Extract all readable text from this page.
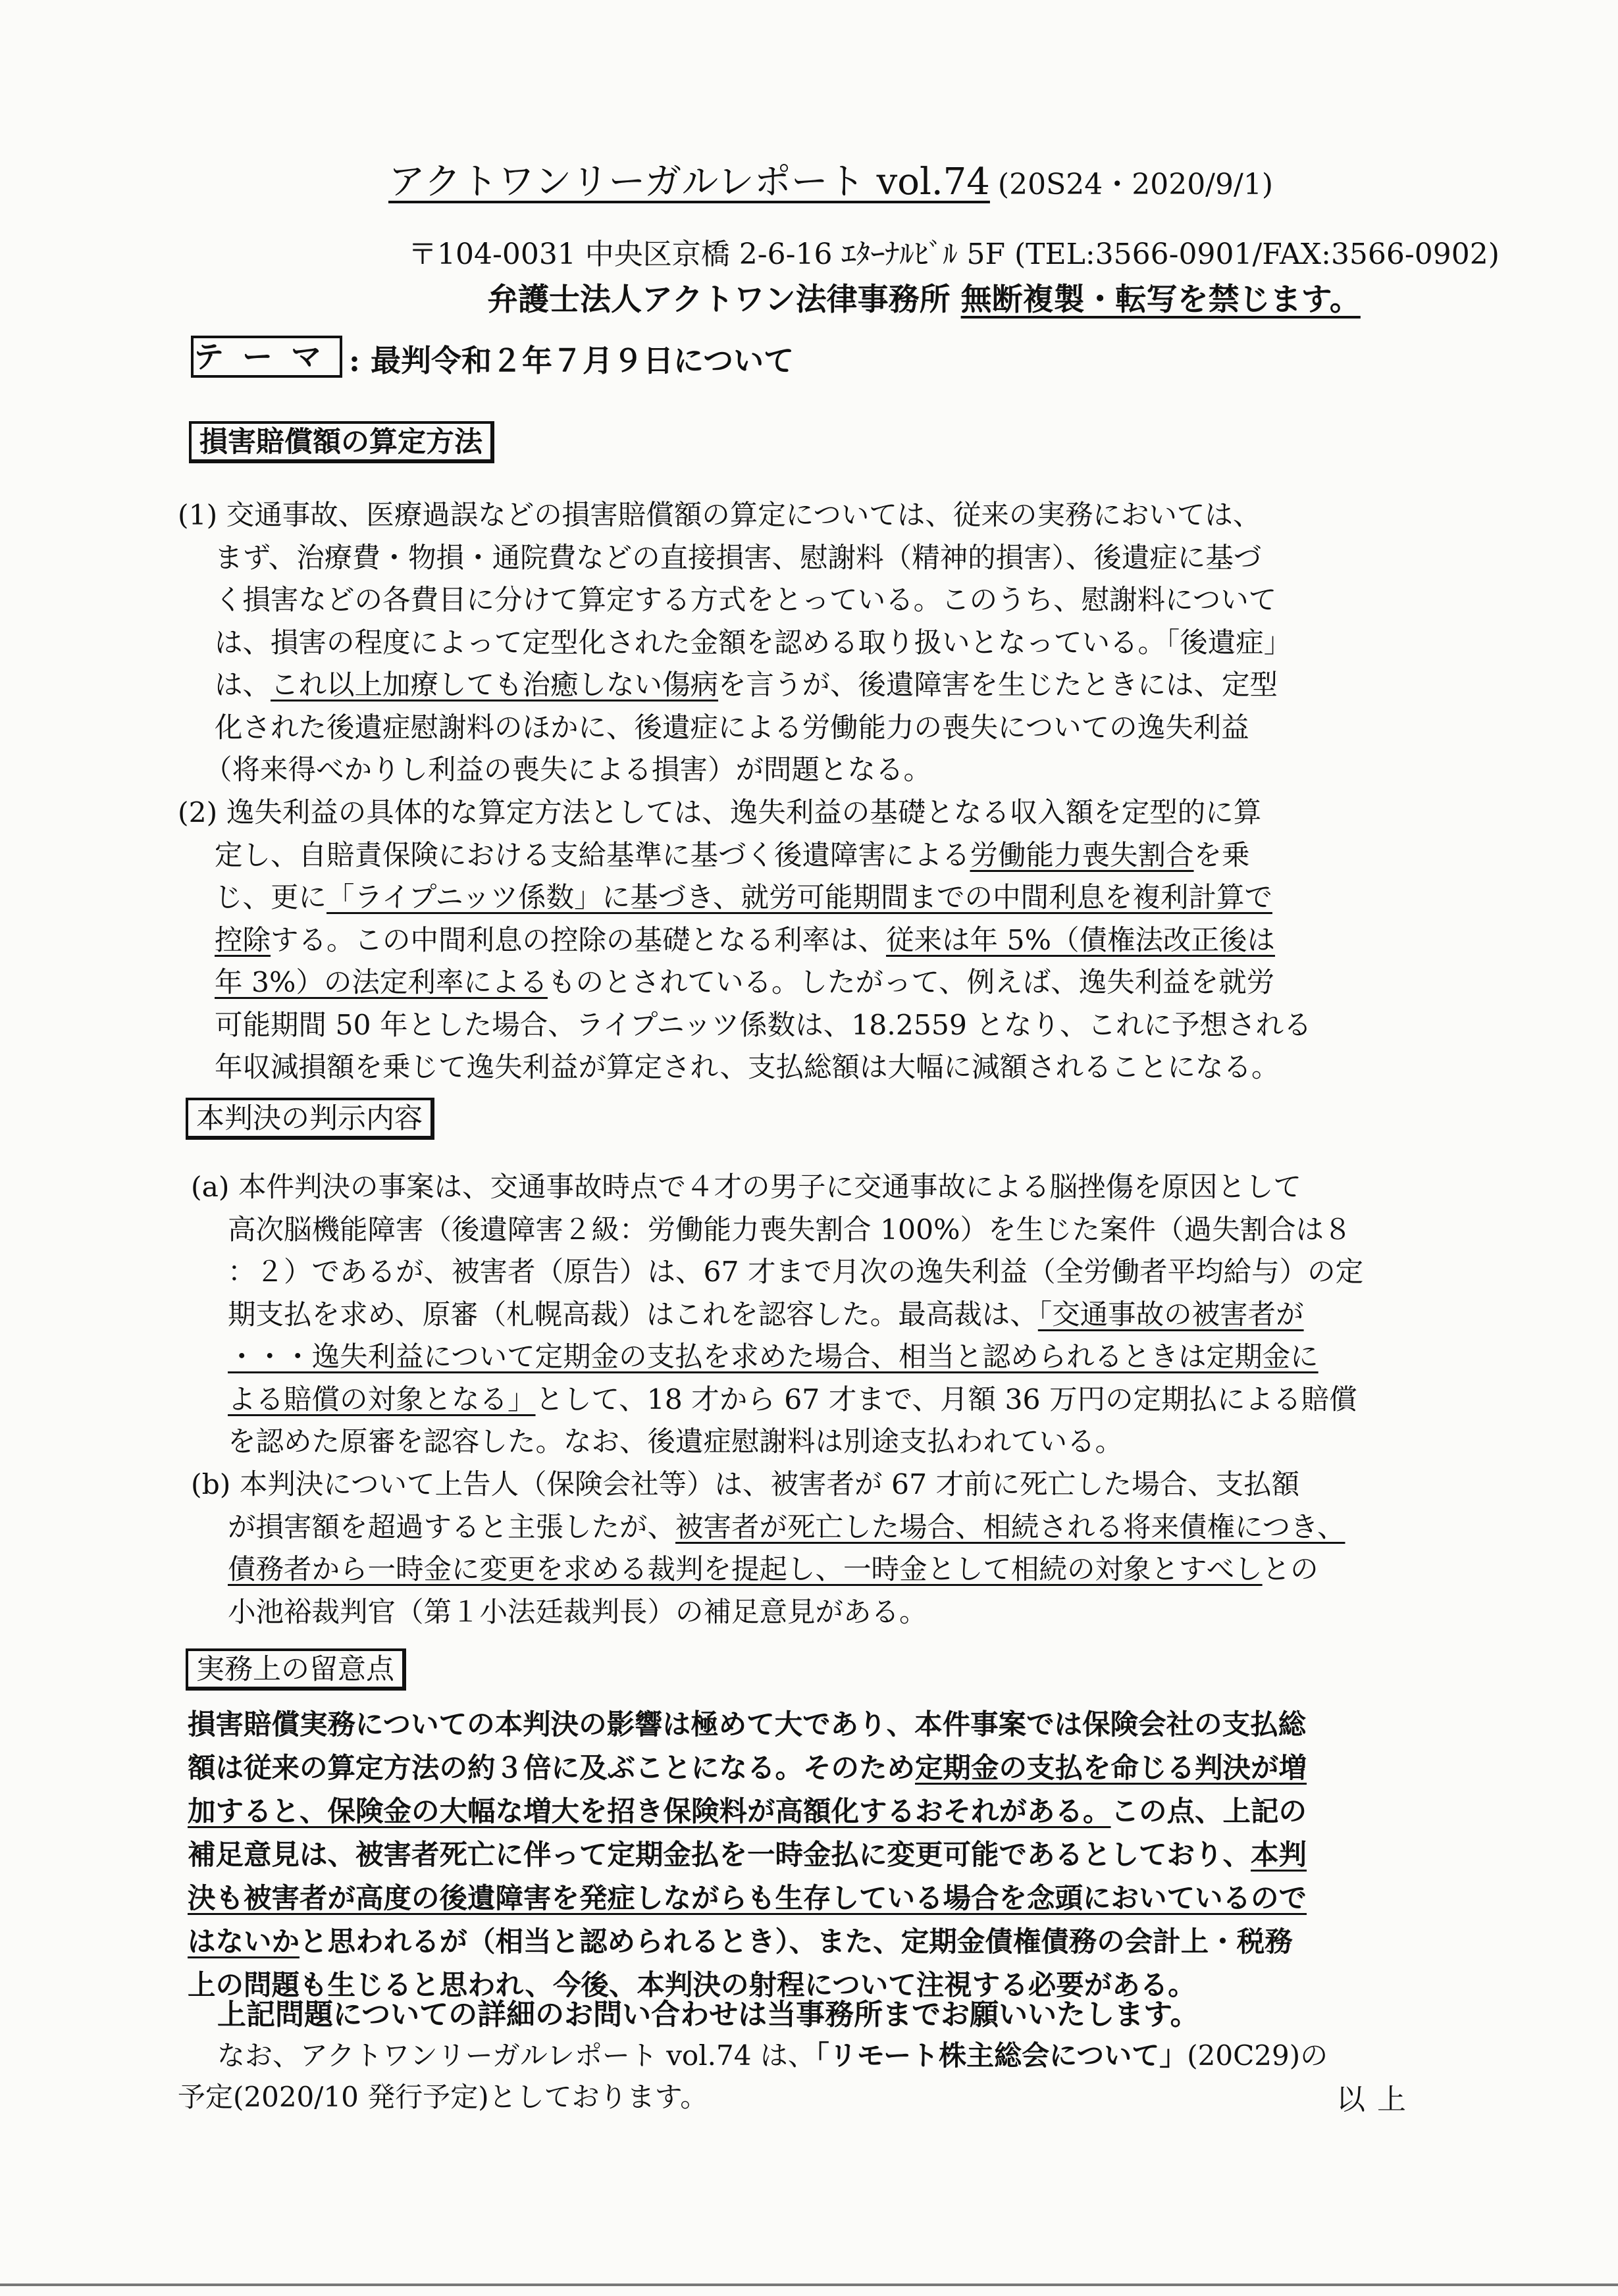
アクトワンリーガルレポート vol.74 (20S24・2020/9/1)
〒104-0031 中央区京橋 2-6-16 ｴﾀｰﾅﾙﾋﾞﾙ 5F (TEL:3566-0901/FAX:3566-0902)
弁護士法人アクトワン法律事務所 無断複製・転写を禁じます。
テーマ : 最判令和２年７月９日について
損害賠償額の算定方法
(1) 交通事故、医療過誤などの損害賠償額の算定については、従来の実務においては、
まず、治療費・物損・通院費などの直接損害、慰謝料（精神的損害）、後遺症に基づ
く損害などの各費目に分けて算定する方式をとっている。このうち、慰謝料について
は、損害の程度によって定型化された金額を認める取り扱いとなっている。「後遺症」
は、これ以上加療しても治癒しない傷病を言うが、後遺障害を生じたときには、定型
化された後遺症慰謝料のほかに、後遺症による労働能力の喪失についての逸失利益
（将来得べかりし利益の喪失による損害）が問題となる。
(2) 逸失利益の具体的な算定方法としては、逸失利益の基礎となる収入額を定型的に算
定し、自賠責保険における支給基準に基づく後遺障害による労働能力喪失割合を乗
じ、更に「ライプニッツ係数」に基づき、就労可能期間までの中間利息を複利計算で
控除する。この中間利息の控除の基礎となる利率は、従来は年 5%（債権法改正後は
年 3%）の法定利率によるものとされている。したがって、例えば、逸失利益を就労
可能期間 50 年とした場合、ライプニッツ係数は、18.2559 となり、これに予想される
年収減損額を乗じて逸失利益が算定され、支払総額は大幅に減額されることになる。
本判決の判示内容
(a) 本件判決の事案は、交通事故時点で４才の男子に交通事故による脳挫傷を原因として
高次脳機能障害（後遺障害２級：労働能力喪失割合 100%）を生じた案件（過失割合は８
：２）であるが、被害者（原告）は、67 才まで月次の逸失利益（全労働者平均給与）の定
期支払を求め、原審（札幌高裁）はこれを認容した。最高裁は、「交通事故の被害者が
・・・逸失利益について定期金の支払を求めた場合、相当と認められるときは定期金に
よる賠償の対象となる」として、18 才から 67 才まで、月額 36 万円の定期払による賠償
を認めた原審を認容した。なお、後遺症慰謝料は別途支払われている。
(b) 本判決について上告人（保険会社等）は、被害者が 67 才前に死亡した場合、支払額
が損害額を超過すると主張したが、被害者が死亡した場合、相続される将来債権につき、
債務者から一時金に変更を求める裁判を提起し、一時金として相続の対象とすべしとの
小池裕裁判官（第１小法廷裁判長）の補足意見がある。
実務上の留意点
損害賠償実務についての本判決の影響は極めて大であり、本件事案では保険会社の支払総
額は従来の算定方法の約３倍に及ぶことになる。そのため定期金の支払を命じる判決が増
加すると、保険金の大幅な増大を招き保険料が高額化するおそれがある。この点、上記の
補足意見は、被害者死亡に伴って定期金払を一時金払に変更可能であるとしており、本判
決も被害者が高度の後遺障害を発症しながらも生存している場合を念頭においているので
はないかと思われるが（相当と認められるとき）、また、定期金債権債務の会計上・税務
上の問題も生じると思われ、今後、本判決の射程について注視する必要がある。
上記問題についての詳細のお問い合わせは当事務所までお願いいたします。
なお、アクトワンリーガルレポート vol.74 は、「リモート株主総会について」(20C29)の
予定(2020/10 発行予定)としております。	以上
